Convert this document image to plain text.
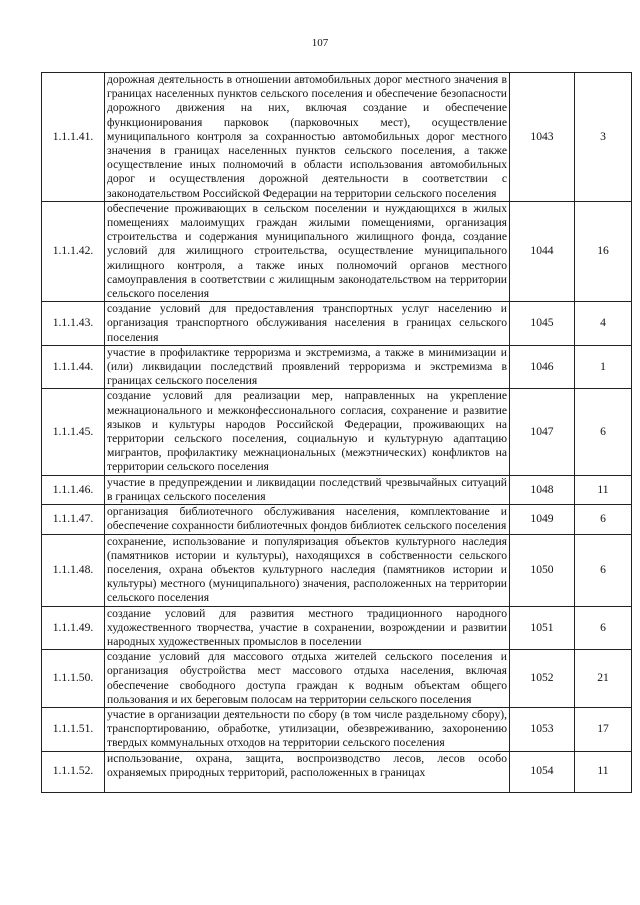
107
1.1.1.41.	дорожная деятельность в отношении автомобильных дорог местного значения в границах населенных пунктов сельского поселения и обеспечение безопасности дорожного движения на них, включая создание и обеспечение функционирования парковок (парковочных мест), осуществление муниципального контроля за сохранностью автомобильных дорог местного значения в границах населенных пунктов сельского поселения, а также осуществление иных полномочий в области использования автомобильных дорог и осуществления дорожной деятельности в соответствии с законодательством Российской Федерации на территории сельского поселения	1043	3
1.1.1.42.	обеспечение проживающих в сельском поселении и нуждающихся в жилых помещениях малоимущих граждан жилыми помещениями, организация строительства и содержания муниципального жилищного фонда, создание условий для жилищного строительства, осуществление муниципального жилищного контроля, а также иных полномочий органов местного самоуправления в соответствии с жилищным законодательством на территории сельского поселения	1044	16
1.1.1.43.	создание условий для предоставления транспортных услуг населению и организация транспортного обслуживания населения в границах сельского поселения	1045	4
1.1.1.44.	участие в профилактике терроризма и экстремизма, а также в минимизации и (или) ликвидации последствий проявлений терроризма и экстремизма в границах сельского поселения	1046	1
1.1.1.45.	создание условий для реализации мер, направленных на укрепление межнационального и межконфессионального согласия, сохранение и развитие языков и культуры народов Российской Федерации, проживающих на территории сельского поселения, социальную и культурную адаптацию мигрантов, профилактику межнациональных (межэтнических) конфликтов на территории сельского поселения	1047	6
1.1.1.46.	участие в предупреждении и ликвидации последствий чрезвычайных ситуаций в границах сельского поселения	1048	11
1.1.1.47.	организация библиотечного обслуживания населения, комплектование и обеспечение сохранности библиотечных фондов библиотек сельского поселения	1049	6
1.1.1.48.	сохранение, использование и популяризация объектов культурного наследия (памятников истории и культуры), находящихся в собственности сельского поселения, охрана объектов культурного наследия (памятников истории и культуры) местного (муниципального) значения, расположенных на территории сельского поселения	1050	6
1.1.1.49.	создание условий для развития местного традиционного народного художественного творчества, участие в сохранении, возрождении и развитии народных художественных промыслов в поселении	1051	6
1.1.1.50.	создание условий для массового отдыха жителей сельского поселения и организация обустройства мест массового отдыха населения, включая обеспечение свободного доступа граждан к водным объектам общего пользования и их береговым полосам на территории сельского поселения	1052	21
1.1.1.51.	участие в организации деятельности по сбору (в том числе раздельному сбору), транспортированию, обработке, утилизации, обезвреживанию, захоронению твердых коммунальных отходов на территории сельского поселения	1053	17
1.1.1.52.	использование, охрана, защита, воспроизводство лесов, лесов особо охраняемых природных территорий, расположенных в границах	1054	11
